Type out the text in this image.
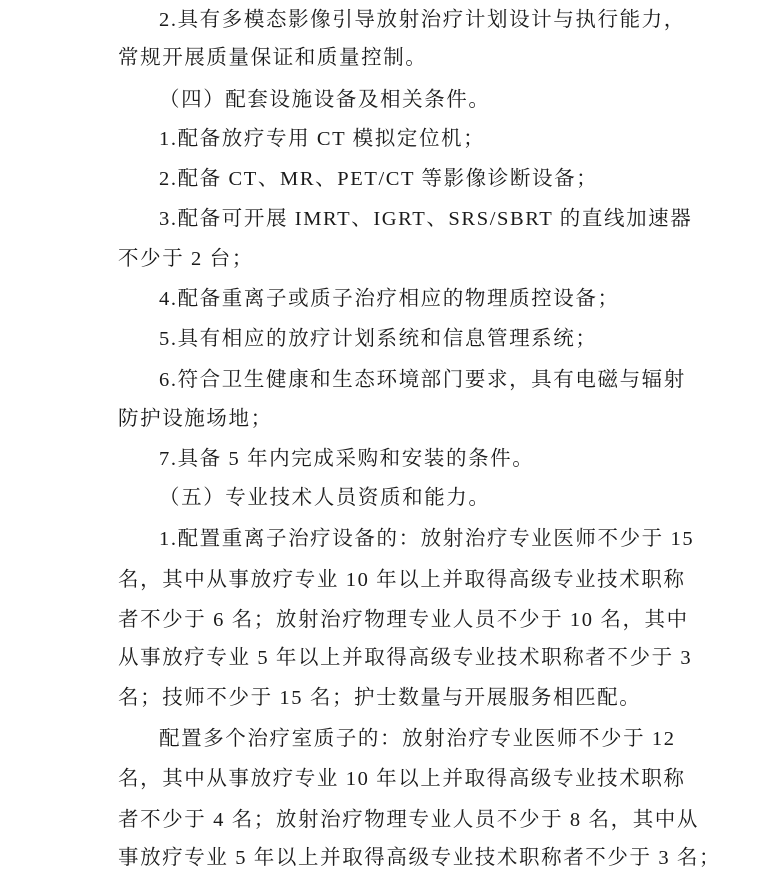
2.具有多模态影像引导放射治疗计划设计与执行能力，
常规开展质量保证和质量控制。
（四）配套设施设备及相关条件。
1.配备放疗专用 CT 模拟定位机；
2.配备 CT、MR、PET/CT 等影像诊断设备；
3.配备可开展 IMRT、IGRT、SRS/SBRT 的直线加速器
不少于 2 台；
4.配备重离子或质子治疗相应的物理质控设备；
5.具有相应的放疗计划系统和信息管理系统；
6.符合卫生健康和生态环境部门要求，具有电磁与辐射
防护设施场地；
7.具备 5 年内完成采购和安装的条件。
（五）专业技术人员资质和能力。
1.配置重离子治疗设备的：放射治疗专业医师不少于 15
名，其中从事放疗专业 10 年以上并取得高级专业技术职称
者不少于 6 名；放射治疗物理专业人员不少于 10 名，其中
从事放疗专业 5 年以上并取得高级专业技术职称者不少于 3
名；技师不少于 15 名；护士数量与开展服务相匹配。
配置多个治疗室质子的：放射治疗专业医师不少于 12
名，其中从事放疗专业 10 年以上并取得高级专业技术职称
者不少于 4 名；放射治疗物理专业人员不少于 8 名，其中从
事放疗专业 5 年以上并取得高级专业技术职称者不少于 3 名；
